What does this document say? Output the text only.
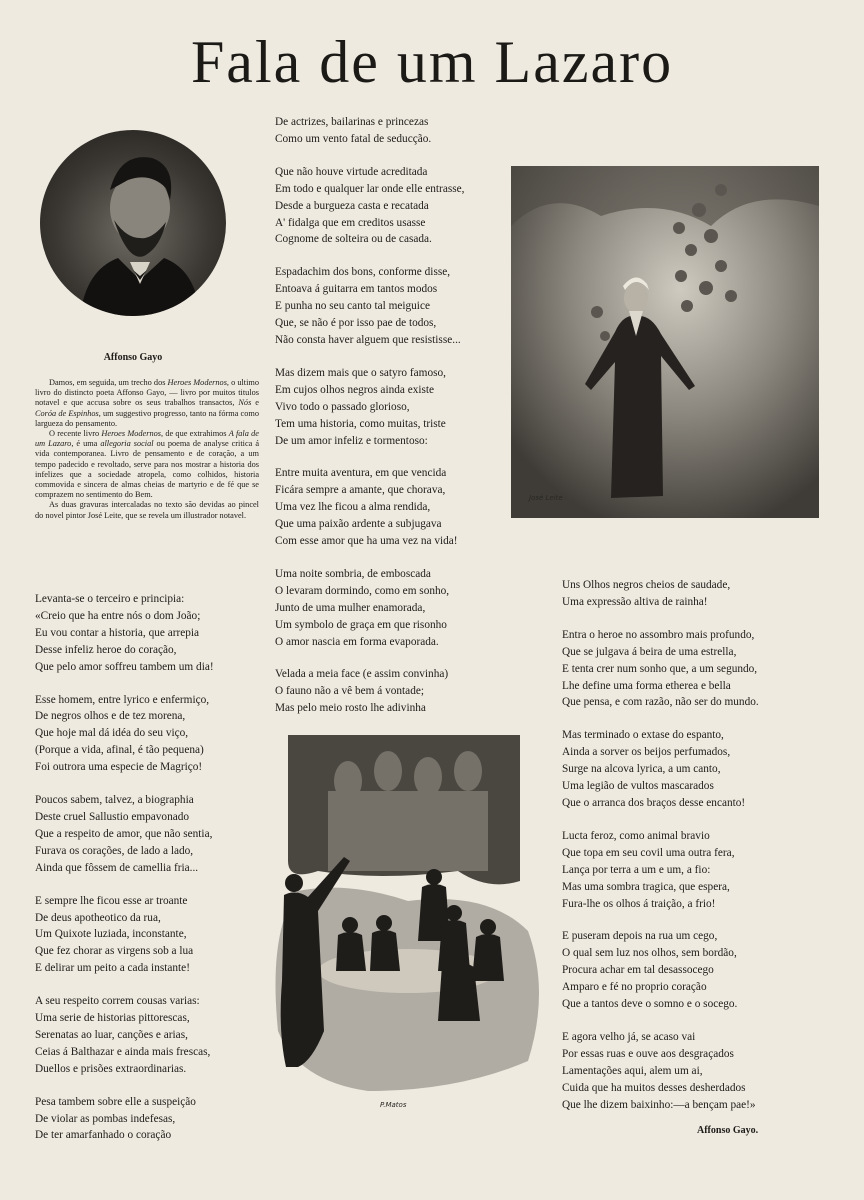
Fala de um Lazaro
Affonso Gayo

Damos, em seguida, um trecho dos Heroes Modernos, o ultimo livro do distincto poeta Affonso Gayo, — livro por muitos titulos notavel e que accusa sobre os seus trabalhos transactos, Nós e Coróa de Espinhos, um suggestivo progresso, tanto na fórma como largueza do pensamento.

O recente livro Heroes Modernos, de que extrahimos A fala de um Lazaro, é uma allegoria social ou poema de analyse critica á vida contemporanea. Livro de pensamento e de coração, a um tempo padecido e revoltado, serve para nos mostrar a historia dos infelizes que a sociedade atropela, como colhidos, historia commovida e sincera de almas cheias de martyrio e de fé que se comprazem no sentimento do Bem.

As duas gravuras intercaladas no texto são devidas ao pincel do novel pintor José Leite, que se revela um illustrador notavel.

Levanta-se o terceiro e principia:
«Creio que ha entre nós o dom João;
Eu vou contar a historia, que arrepia
Desse infeliz heroe do coração,
Que pelo amor soffreu tambem um dia!
Esse homem, entre lyrico e enfermiço,
De negros olhos e de tez morena,
Que hoje mal dá idéa do seu viço,
(Porque a vida, afinal, é tão pequena)
Foi outrora uma especie de Magriço!
Poucos sabem, talvez, a biographia
Deste cruel Sallustio empavonado
Que a respeito de amor, que não sentia,
Furava os corações, de lado a lado,
Ainda que fôssem de camellia fria...
E sempre lhe ficou esse ar troante
De deus apotheotico da rua,
Um Quixote luziada, inconstante,
Que fez chorar as virgens sob a lua
E delirar um peito a cada instante!
A seu respeito correm cousas varias:
Uma serie de historias pittorescas,
Serenatas ao luar, canções e arias,
Ceias á Balthazar e ainda mais frescas,
Duellos e prisões extraordinarias.
Pesa tambem sobre elle a suspeição
De violar as pombas indefesas,
De ter amarfanhado o coração
De actrizes, bailarinas e princezas
Como um vento fatal de seducção.
Que não houve virtude acreditada
Em todo e qualquer lar onde elle entrasse,
Desde a burgueza casta e recatada
A' fidalga que em creditos usasse
Cognome de solteira ou de casada.
Espadachim dos bons, conforme disse,
Entoava á guitarra em tantos modos
E punha no seu canto tal meiguice
Que, se não é por isso pae de todos,
Não consta haver alguem que resistisse...
Mas dizem mais que o satyro famoso,
Em cujos olhos negros ainda existe
Vivo todo o passado glorioso,
Tem uma historia, como muitas, triste
De um amor infeliz e tormentoso:
Entre muita aventura, em que vencida
Ficára sempre a amante, que chorava,
Uma vez lhe ficou a alma rendida,
Que uma paixão ardente a subjugava
Com esse amor que ha uma vez na vida!
Uma noite sombria, de emboscada
O levaram dormindo, como em sonho,
Junto de uma mulher enamorada,
Um symbolo de graça em que risonho
O amor nascia em forma evaporada.
Velada a meia face (e assim convinha)
O fauno não a vê bem á vontade;
Mas pelo meio rosto lhe adivinha
Uns Olhos negros cheios de saudade,
Uma expressão altiva de rainha!
Entra o heroe no assombro mais profundo,
Que se julgava á beira de uma estrella,
E tenta crer num sonho que, a um segundo,
Lhe define uma forma etherea e bella
Que pensa, e com razão, não ser do mundo.
Mas terminado o extase do espanto,
Ainda a sorver os beijos perfumados,
Surge na alcova lyrica, a um canto,
Uma legião de vultos mascarados
Que o arranca dos braços desse encanto!
Lucta feroz, como animal bravio
Que topa em seu covil uma outra fera,
Lança por terra a um e um, a fio:
Mas uma sombra tragica, que espera,
Fura-lhe os olhos á traição, a frio!
E puseram depois na rua um cego,
O qual sem luz nos olhos, sem bordão,
Procura achar em tal desassocego
Amparo e fé no proprio coração
Que a tantos deve o somno e o socego.
E agora velho já, se acaso vai
Por essas ruas e ouve aos desgraçados
Lamentações aqui, alem um ai,
Cuida que ha muitos desses desherdados
Que lhe dizem baixinho:—a bençam pae!»
José Leite
P.Matos
Affonso Gayo.
